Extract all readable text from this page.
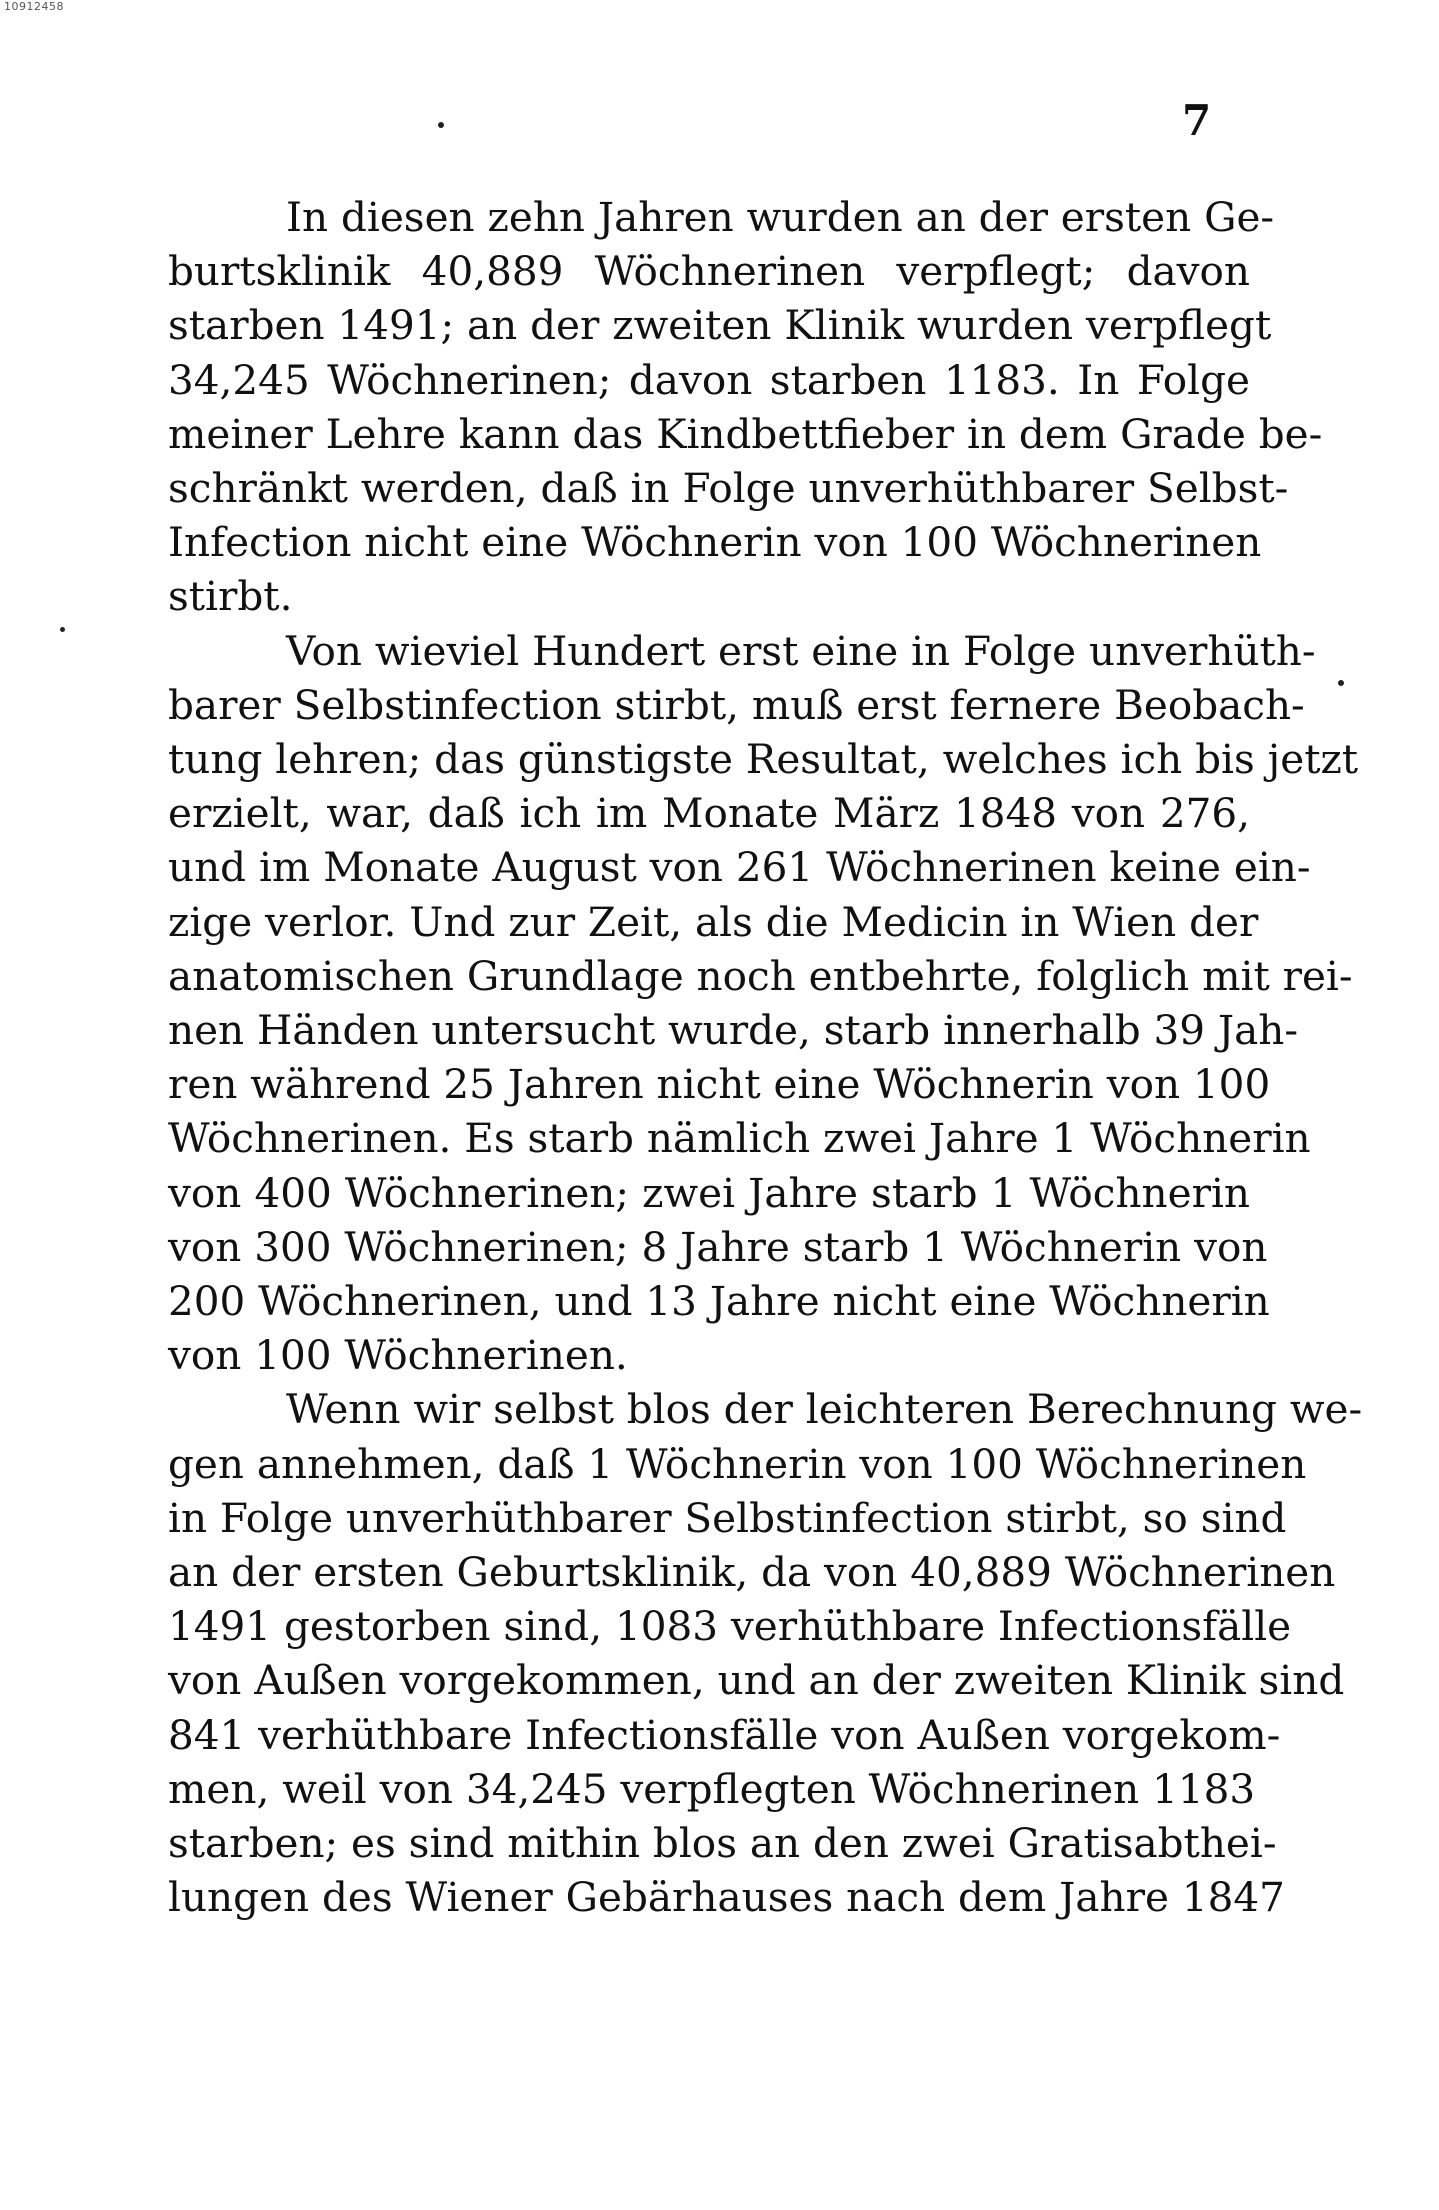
10912458
7
In diesen zehn Jahren wurden an der ersten Ge-
burtsklinik 40,889 Wöchnerinen verpflegt; davon
starben 1491; an der zweiten Klinik wurden verpflegt
34,245 Wöchnerinen; davon starben 1183. In Folge
meiner Lehre kann das Kindbettfieber in dem Grade be-
schränkt werden, daß in Folge unverhüthbarer Selbst-
Infection nicht eine Wöchnerin von 100 Wöchnerinen
stirbt.
Von wieviel Hundert erst eine in Folge unverhüth-
barer Selbstinfection stirbt, muß erst fernere Beobach-
tung lehren; das günstigste Resultat, welches ich bis jetzt
erzielt, war, daß ich im Monate März 1848 von 276,
und im Monate August von 261 Wöchnerinen keine ein-
zige verlor. Und zur Zeit, als die Medicin in Wien der
anatomischen Grundlage noch entbehrte, folglich mit rei-
nen Händen untersucht wurde, starb innerhalb 39 Jah-
ren während 25 Jahren nicht eine Wöchnerin von 100
Wöchnerinen. Es starb nämlich zwei Jahre 1 Wöchnerin
von 400 Wöchnerinen; zwei Jahre starb 1 Wöchnerin
von 300 Wöchnerinen; 8 Jahre starb 1 Wöchnerin von
200 Wöchnerinen, und 13 Jahre nicht eine Wöchnerin
von 100 Wöchnerinen.
Wenn wir selbst blos der leichteren Berechnung we-
gen annehmen, daß 1 Wöchnerin von 100 Wöchnerinen
in Folge unverhüthbarer Selbstinfection stirbt, so sind
an der ersten Geburtsklinik, da von 40,889 Wöchnerinen
1491 gestorben sind, 1083 verhüthbare Infectionsfälle
von Außen vorgekommen, und an der zweiten Klinik sind
841 verhüthbare Infectionsfälle von Außen vorgekom-
men, weil von 34,245 verpflegten Wöchnerinen 1183
starben; es sind mithin blos an den zwei Gratisabthei-
lungen des Wiener Gebärhauses nach dem Jahre 1847
